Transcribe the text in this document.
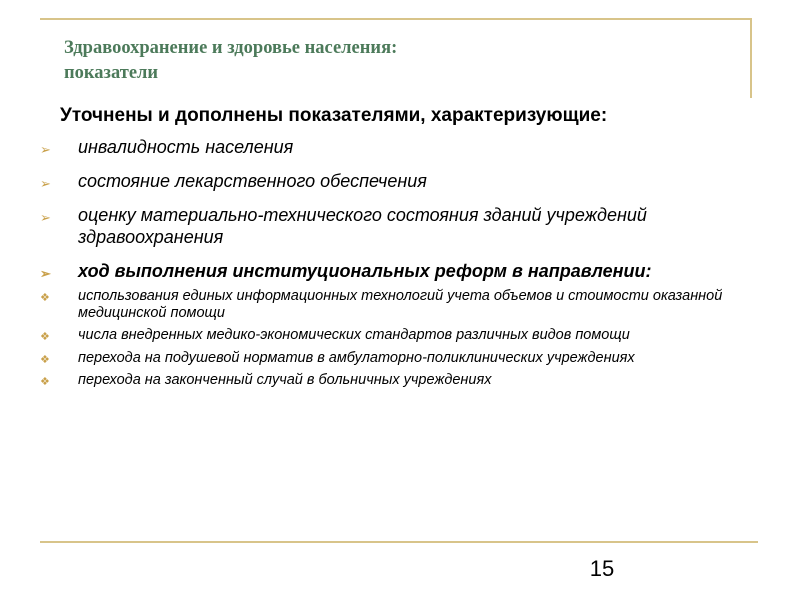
Здравоохранение и здоровье населения:
показатели
Уточнены и дополнены показателями, характеризующие:
➢ инвалидность населения
➢ состояние лекарственного обеспечения
➢ оценку материально-технического состояния зданий учреждений здравоохранения
➢ ход выполнения институциональных реформ в направлении:
❖ использования единых информационных технологий учета объемов и стоимости оказанной медицинской помощи
❖ числа внедренных медико-экономических стандартов различных видов помощи
❖ перехода на подушевой норматив в амбулаторно-поликлинических учреждениях
❖ перехода на законченный случай в больничных учреждениях
15
